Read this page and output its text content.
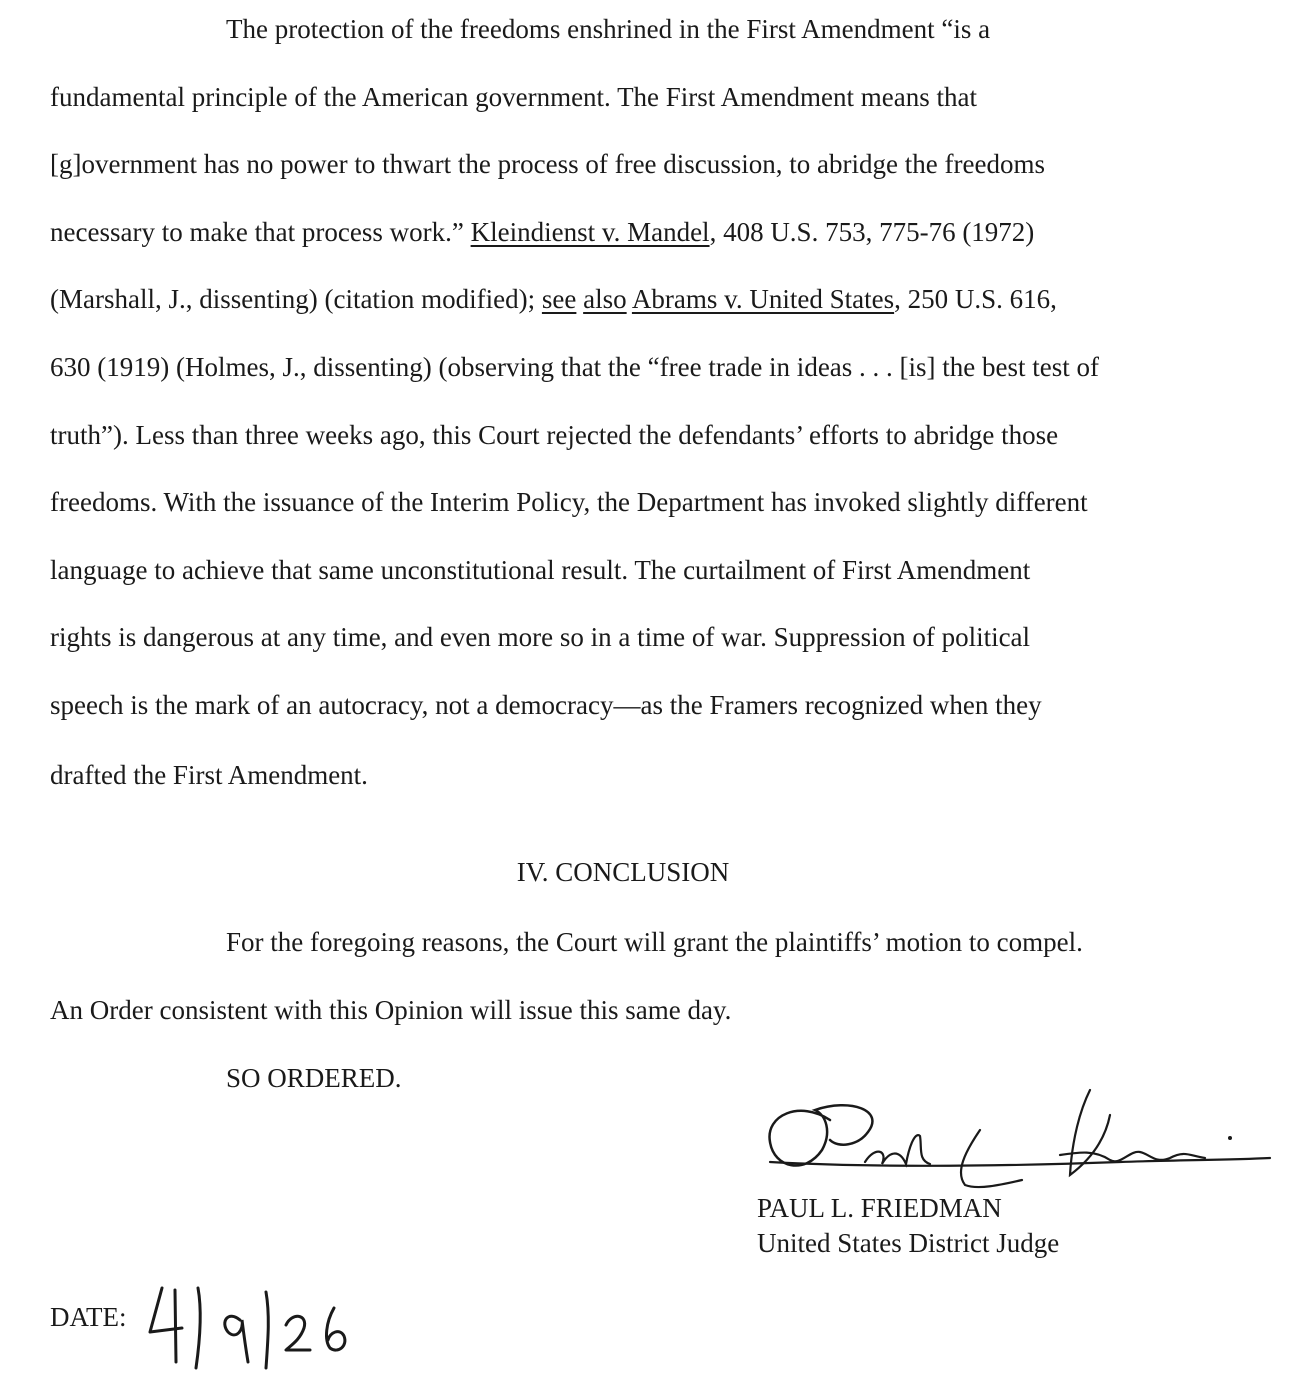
The protection of the freedoms enshrined in the First Amendment “is a
fundamental principle of the American government. The First Amendment means that
[g]overnment has no power to thwart the process of free discussion, to abridge the freedoms
necessary to make that process work.” Kleindienst v. Mandel, 408 U.S. 753, 775-76 (1972)
(Marshall, J., dissenting) (citation modified); see also Abrams v. United States, 250 U.S. 616,
630 (1919) (Holmes, J., dissenting) (observing that the “free trade in ideas . . . [is] the best test of
truth”). Less than three weeks ago, this Court rejected the defendants’ efforts to abridge those
freedoms. With the issuance of the Interim Policy, the Department has invoked slightly different
language to achieve that same unconstitutional result. The curtailment of First Amendment
rights is dangerous at any time, and even more so in a time of war. Suppression of political
speech is the mark of an autocracy, not a democracy—as the Framers recognized when they
drafted the First Amendment.
IV. CONCLUSION
For the foregoing reasons, the Court will grant the plaintiffs’ motion to compel.
An Order consistent with this Opinion will issue this same day.
SO ORDERED.
PAUL L. FRIEDMAN
United States District Judge
DATE:
